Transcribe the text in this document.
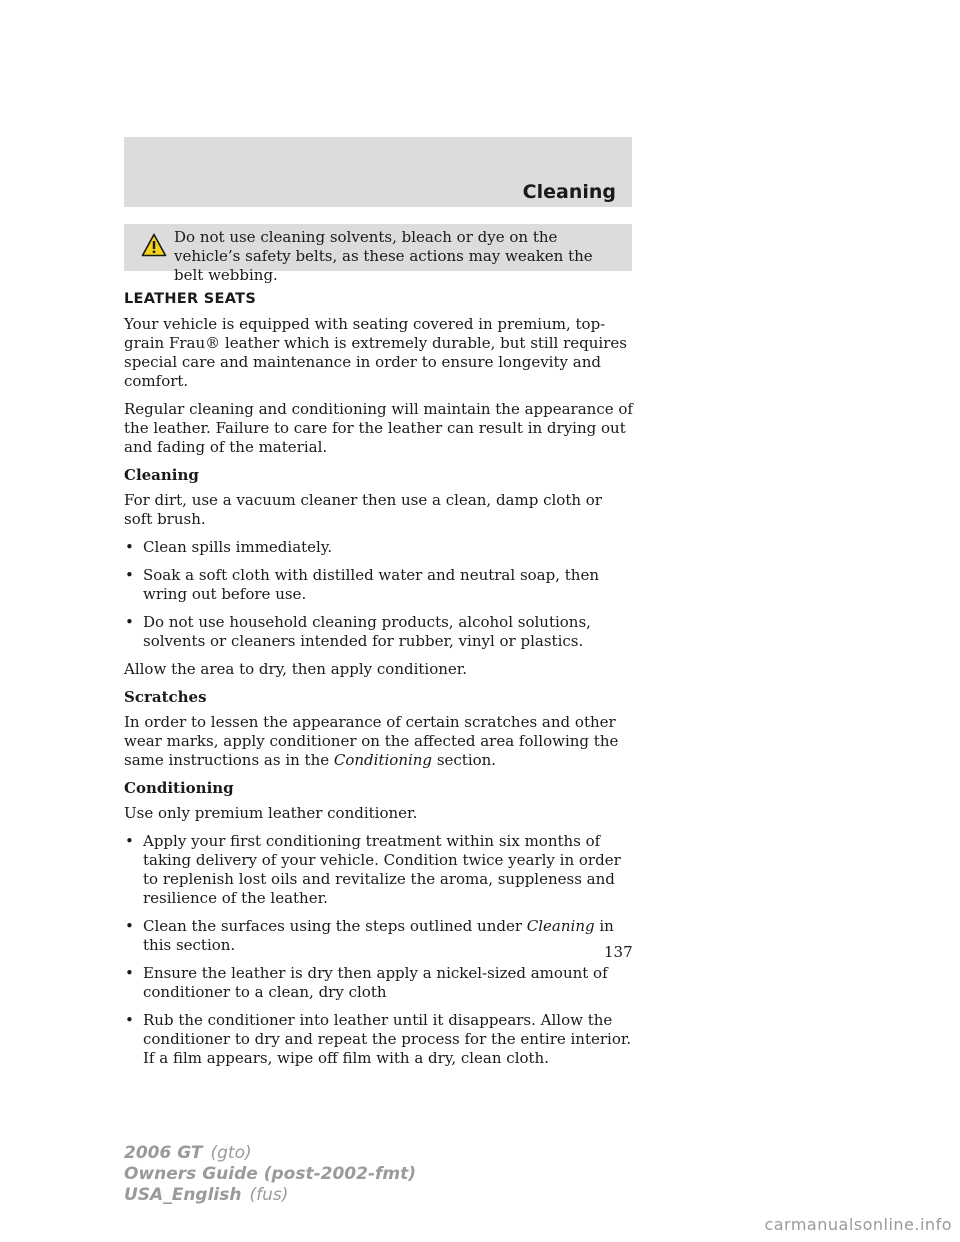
Cleaning
Do not use cleaning solvents, bleach or dye on the vehicle’s safety belts, as these actions may weaken the belt webbing.
LEATHER SEATS

Your vehicle is equipped with seating covered in premium, top-grain Frau® leather which is extremely durable, but still requires special care and maintenance in order to ensure longevity and comfort.

Regular cleaning and conditioning will maintain the appearance of the leather. Failure to care for the leather can result in drying out and fading of the material.

Cleaning

For dirt, use a vacuum cleaner then use a clean, damp cloth or soft brush.

• Clean spills immediately.
• Soak a soft cloth with distilled water and neutral soap, then wring out before use.
• Do not use household cleaning products, alcohol solutions, solvents or cleaners intended for rubber, vinyl or plastics.

Allow the area to dry, then apply conditioner.

Scratches

In order to lessen the appearance of certain scratches and other wear marks, apply conditioner on the affected area following the same instructions as in the Conditioning section.

Conditioning

Use only premium leather conditioner.

• Apply your first conditioning treatment within six months of taking delivery of your vehicle. Condition twice yearly in order to replenish lost oils and revitalize the aroma, suppleness and resilience of the leather.
• Clean the surfaces using the steps outlined under Cleaning in this section.
• Ensure the leather is dry then apply a nickel-sized amount of conditioner to a clean, dry cloth
• Rub the conditioner into leather until it disappears. Allow the conditioner to dry and repeat the process for the entire interior. If a film appears, wipe off film with a dry, clean cloth.
137
2006 GT (gto)
Owners Guide (post-2002-fmt)
USA_English (fus)
carmanualsonline.info
